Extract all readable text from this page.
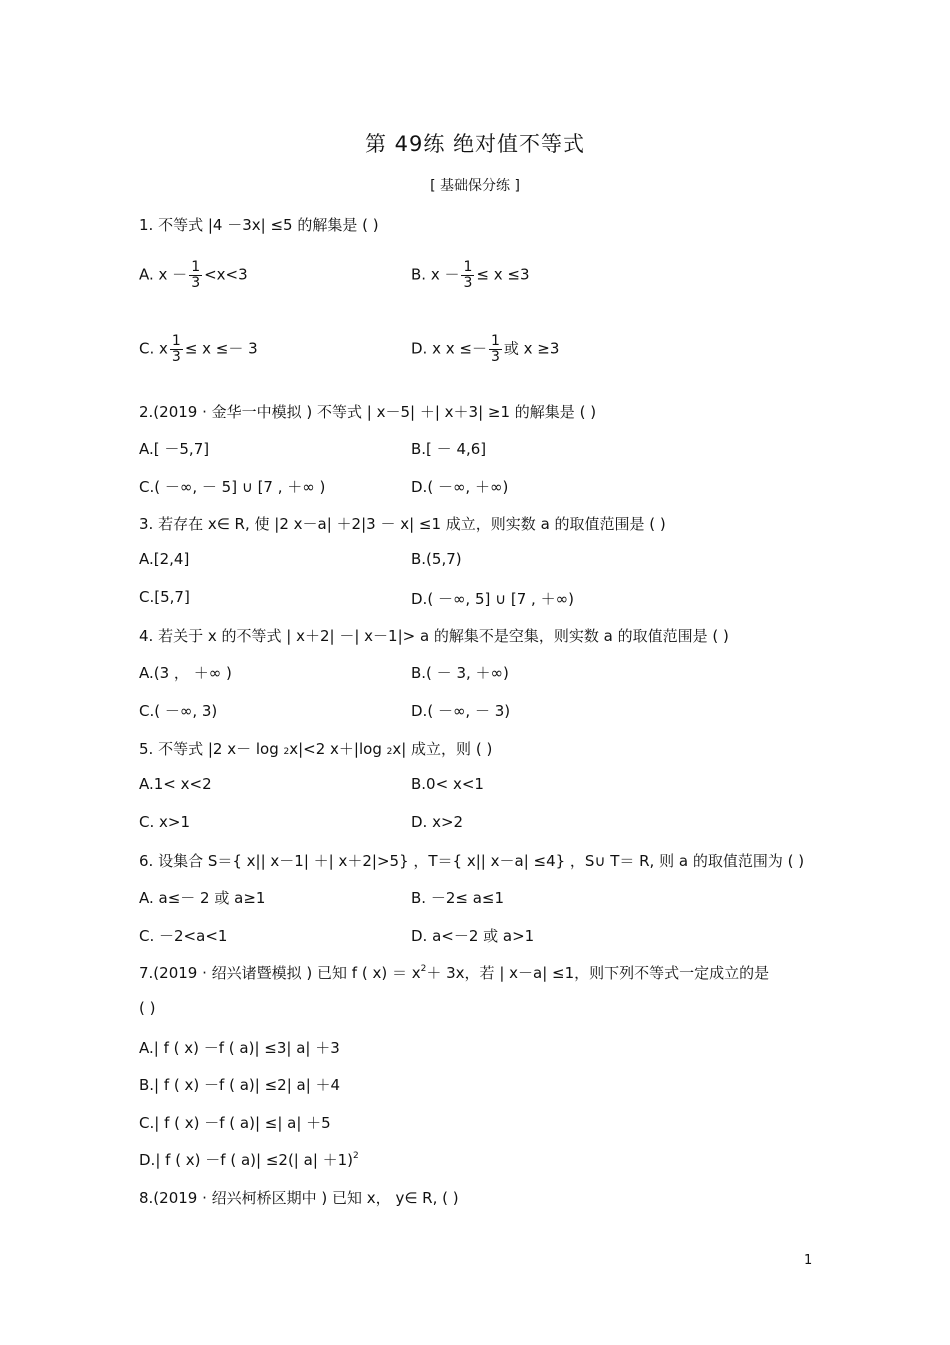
第 49练 绝对值不等式
[ 基础保分练 ]
1. 不等式 |4 －3x| ≤5 的解集是 ( )
A. $x - \frac{1}{3} <x<3$	B. $x - \frac{1}{3} \le x \le 3$
C. x $\frac{1}{3} \le x \le- 3$	D. x $x \le- \frac{1}{3}$ 或 x ≥3
2.(2019 · 金华一中模拟 ) 不等式 | x－5| ＋| x＋3| ≥1 的解集是 ( )
A.[ －5,7]	B.[ － 4,6]
C.( －∞, － 5] ∪ [7 , ＋∞ )	D.( －∞, ＋∞)
3. 若存在 x∈ R, 使 |2 x－a| ＋2|3 － x| ≤1 成立，则实数 a 的取值范围是 ( )
A.[2,4]	B.(5,7)
C.[5,7]	D.( －∞, 5] ∪ [7 , ＋∞)
4. 若关于 x 的不等式 | x＋2| －| x－1|> a 的解集不是空集，则实数 a 的取值范围是 ( )
A.(3 ， ＋∞ )	B.( － 3, ＋∞)
C.( －∞, 3)	D.( －∞, － 3)
5. 不等式 |2 x－ log 2x|<2 x＋|log 2x| 成立，则 ( )
A.1< x<2	B.0< x<1
C. x>1	D. x>2
6. 设集合 S＝{ x|| x－1| ＋| x＋2|>5} ，T＝{ x|| x－a| ≤4} ，S∪ T＝ R, 则 a 的取值范围为 ( )
A. a≤－ 2 或 a≥1	B. －2≤ a≤1
C. －2<a<1	D. a<－2 或 a>1
7.(2019 · 绍兴诸暨模拟 ) 已知 f ( $x) = x^2+ 3x$，若 | x－a| ≤1，则下列不等式一定成立的是
( )
A.| f ( x) －f ( a)| ≤3| a| ＋3
B.| f ( x) －f ( a)| ≤2| a| ＋4
C.| f ( x) －f ( a)| ≤| a| ＋5
D.| f ( x) －f ( a)| ≤2(| a| ＋1)$^2$
8.(2019 · 绍兴柯桥区期中 ) 已知 x， y∈ R, ( )
1
